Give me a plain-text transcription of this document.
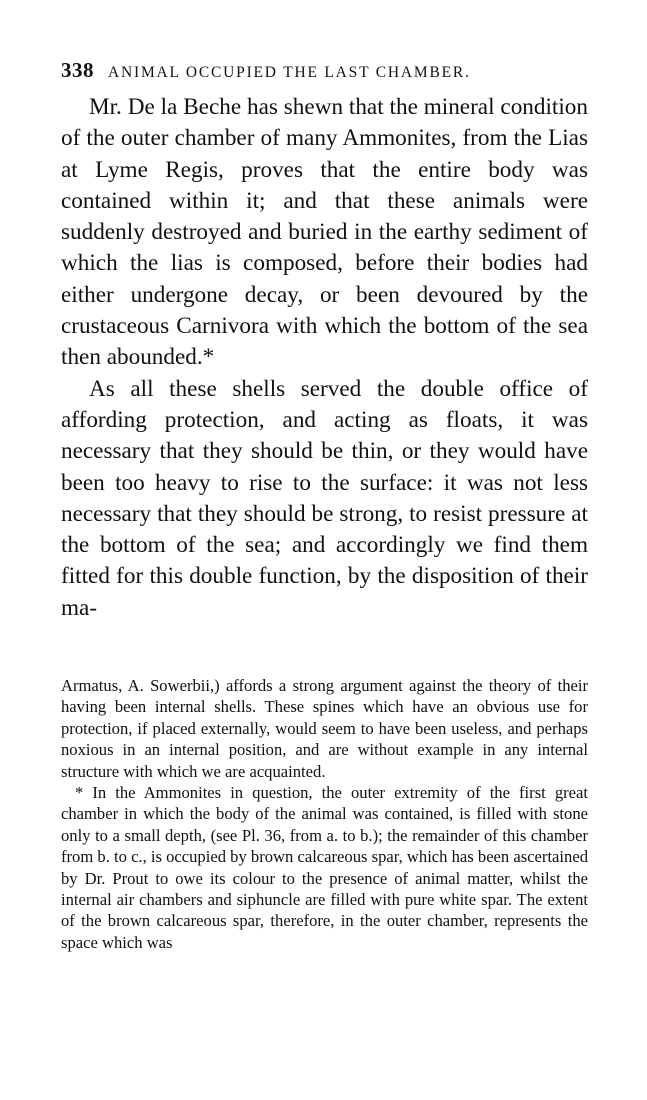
338 ANIMAL OCCUPIED THE LAST CHAMBER.

Mr. De la Beche has shewn that the mineral condition of the outer chamber of many Ammonites, from the Lias at Lyme Regis, proves that the entire body was contained within it; and that these animals were suddenly destroyed and buried in the earthy sediment of which the lias is composed, before their bodies had either undergone decay, or been devoured by the crustaceous Carnivora with which the bottom of the sea then abounded.*

As all these shells served the double office of affording protection, and acting as floats, it was necessary that they should be thin, or they would have been too heavy to rise to the surface: it was not less necessary that they should be strong, to resist pressure at the bottom of the sea; and accordingly we find them fitted for this double function, by the disposition of their ma-

Armatus, A. Sowerbii,) affords a strong argument against the theory of their having been internal shells. These spines which have an obvious use for protection, if placed externally, would seem to have been useless, and perhaps noxious in an internal position, and are without example in any internal structure with which we are acquainted.

* In the Ammonites in question, the outer extremity of the first great chamber in which the body of the animal was contained, is filled with stone only to a small depth, (see Pl. 36, from a. to b.); the remainder of this chamber from b. to c., is occupied by brown calcareous spar, which has been ascertained by Dr. Prout to owe its colour to the presence of animal matter, whilst the internal air chambers and siphuncle are filled with pure white spar. The extent of the brown calcareous spar, therefore, in the outer chamber, represents the space which was
